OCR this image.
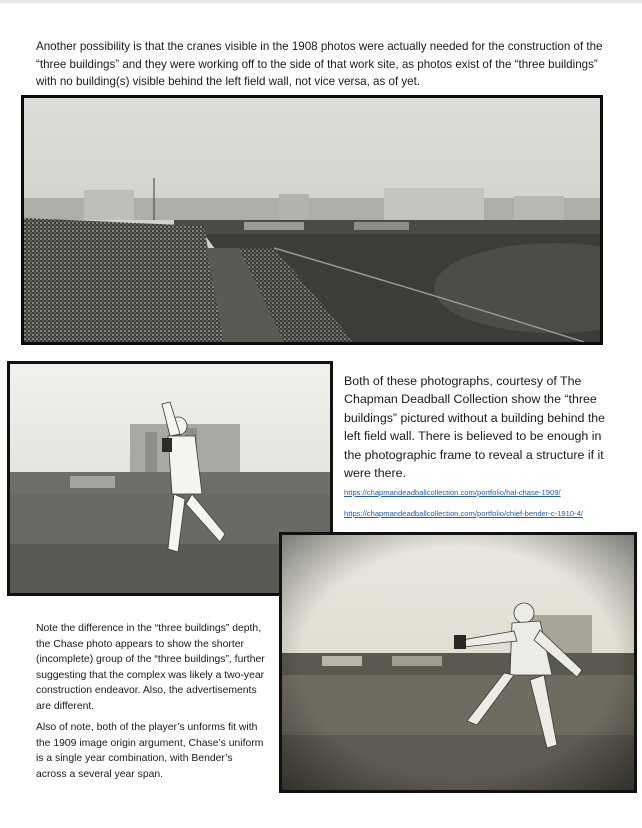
Another possibility is that the cranes visible in the 1908 photos were actually needed for the construction of the “three buildings” and they were working off to the side of that work site, as photos exist of the “three buildings” with no building(s) visible behind the left field wall, not vice versa, as of yet.

Both of these photographs, courtesy of The Chapman Deadball Collection show the “three buildings” pictured without a building behind the left field wall. There is believed to be enough in the photographic frame to reveal a structure if it were there.

https://chapmandeadballcollection.com/portfolio/hal-chase-1909/
https://chapmandeadballcollection.com/portfolio/chief-bender-c-1910-4/

Note the difference in the “three buildings” depth, the Chase photo appears to show the shorter (incomplete) group of the “three buildings”, further suggesting that the complex was likely a two-year construction endeavor. Also, the advertisements are different.

Also of note, both of the player’s unforms fit with the 1909 image origin argument, Chase’s uniform is a single year combination, with Bender’s across a several year span.
